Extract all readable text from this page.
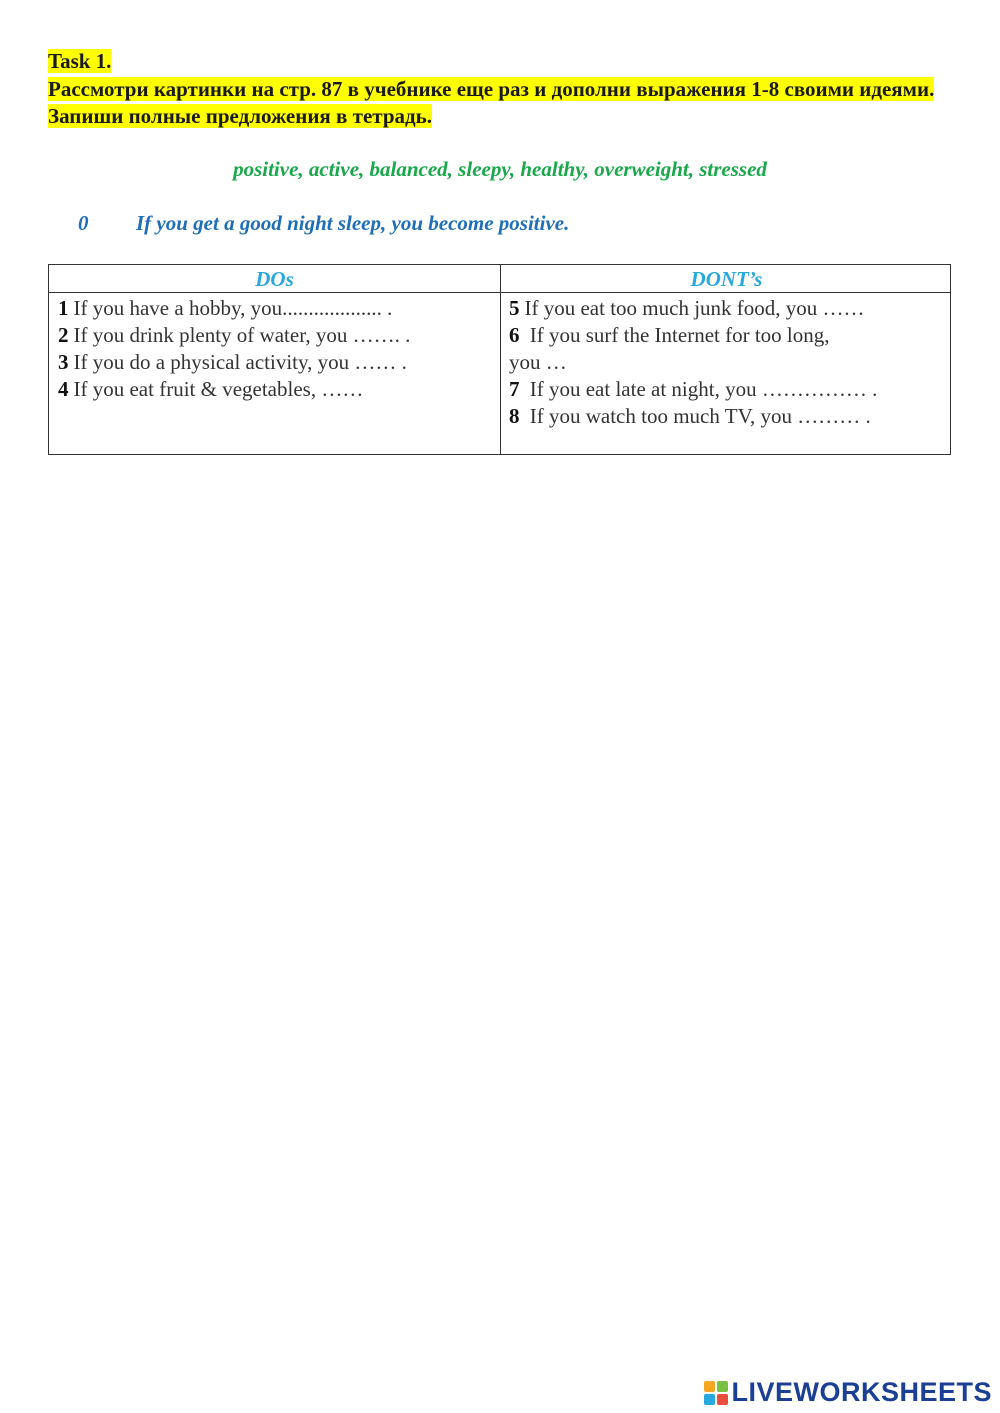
Task 1.
Рассмотри картинки на стр. 87 в учебнике еще раз и дополни выражения 1-8 своими идеями. Запиши полные предложения в тетрадь.
positive, active, balanced, sleepy, healthy, overweight, stressed
0 If you get a good night sleep, you become positive.
DOs	DONT’s
1 If you have a hobby, you................... .
2 If you drink plenty of water, you ……. .
3 If you do a physical activity, you …… .
4 If you eat fruit & vegetables, ……
5 If you eat too much junk food, you ……
6 If you surf the Internet for too long,
you …
7 If you eat late at night, you …………… .
8 If you watch too much TV, you ……… .
LIVEWORKSHEETS
